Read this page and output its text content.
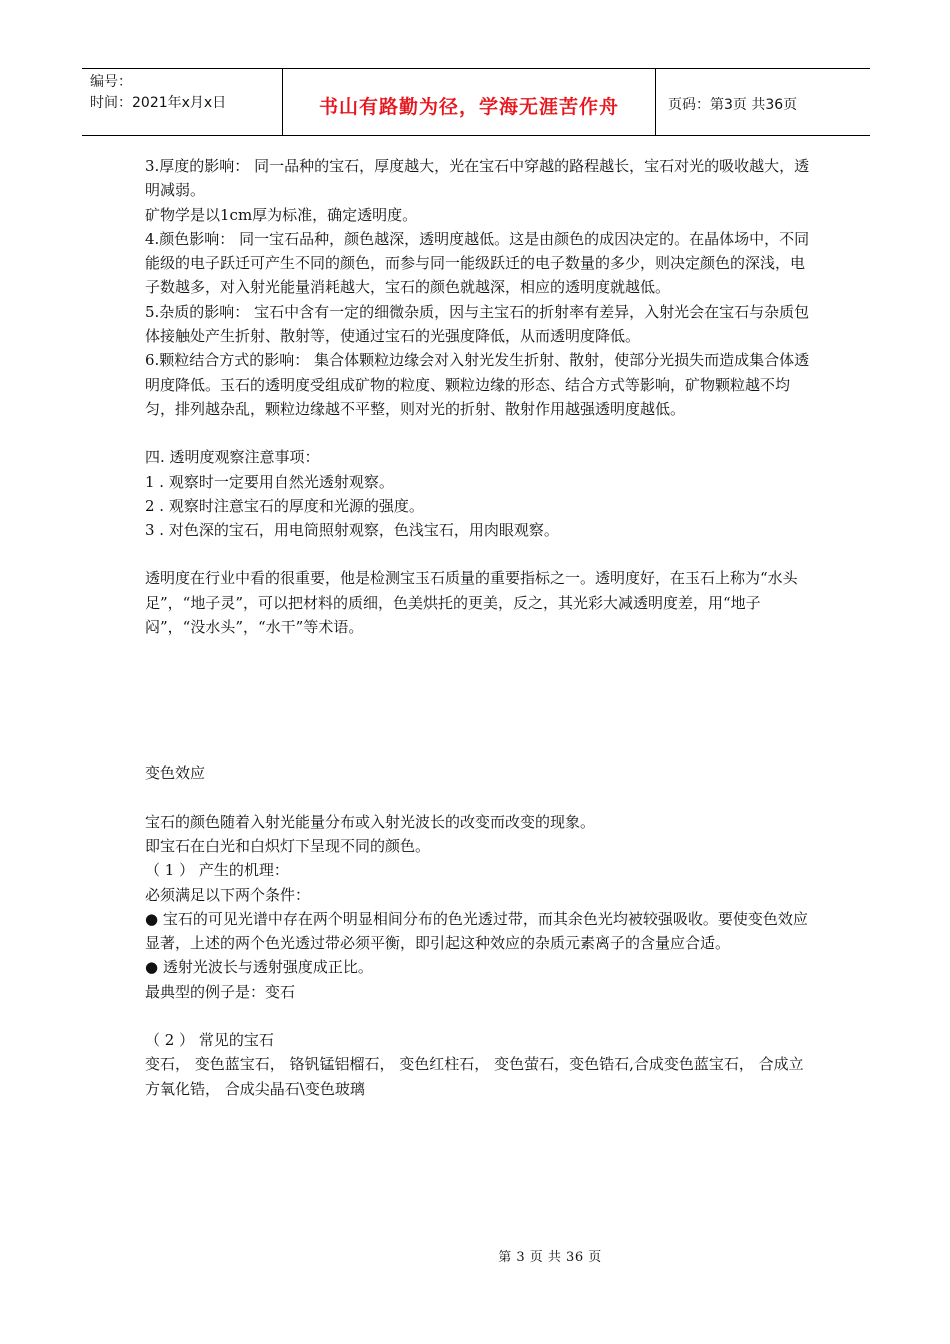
编号：
时间：2021年x月x日	书山有路勤为径，学海无涯苦作舟	页码：第3页 共36页

3.厚度的影响： 同一品种的宝石，厚度越大，光在宝石中穿越的路程越长，宝石对光的吸收越大，透明减弱。

矿物学是以1cm厚为标准，确定透明度。

4.颜色影响： 同一宝石品种，颜色越深，透明度越低。这是由颜色的成因决定的。在晶体场中，不同能级的电子跃迁可产生不同的颜色，而参与同一能级跃迁的电子数量的多少，则决定颜色的深浅，电子数越多，对入射光能量消耗越大，宝石的颜色就越深，相应的透明度就越低。

5.杂质的影响： 宝石中含有一定的细微杂质，因与主宝石的折射率有差异，入射光会在宝石与杂质包体接触处产生折射、散射等，使通过宝石的光强度降低，从而透明度降低。

6.颗粒结合方式的影响： 集合体颗粒边缘会对入射光发生折射、散射，使部分光损失而造成集合体透明度降低。玉石的透明度受组成矿物的粒度、颗粒边缘的形态、结合方式等影响，矿物颗粒越不均匀，排列越杂乱，颗粒边缘越不平整，则对光的折射、散射作用越强透明度越低。

四. 透明度观察注意事项：

1 . 观察时一定要用自然光透射观察。

2 . 观察时注意宝石的厚度和光源的强度。

3 . 对色深的宝石，用电筒照射观察，色浅宝石，用肉眼观察。

透明度在行业中看的很重要，他是检测宝玉石质量的重要指标之一。透明度好，在玉石上称为“水头足”，“地子灵”，可以把材料的质细，色美烘托的更美，反之，其光彩大减透明度差，用“地子闷”，“没水头”，“水干”等术语。

变色效应

宝石的颜色随着入射光能量分布或入射光波长的改变而改变的现象。

即宝石在白光和白炽灯下呈现不同的颜色。

（ 1 ） 产生的机理：

必须满足以下两个条件：

● 宝石的可见光谱中存在两个明显相间分布的色光透过带，而其余色光均被较强吸收。要使变色效应显著，上述的两个色光透过带必须平衡，即引起这种效应的杂质元素离子的含量应合适。

● 透射光波长与透射强度成正比。

最典型的例子是：变石

（ 2 ） 常见的宝石

变石， 变色蓝宝石， 铬钒锰铝榴石， 变色红柱石， 变色萤石，变色锆石,合成变色蓝宝石， 合成立方氧化锆， 合成尖晶石\变色玻璃

第 3 页 共 36 页
